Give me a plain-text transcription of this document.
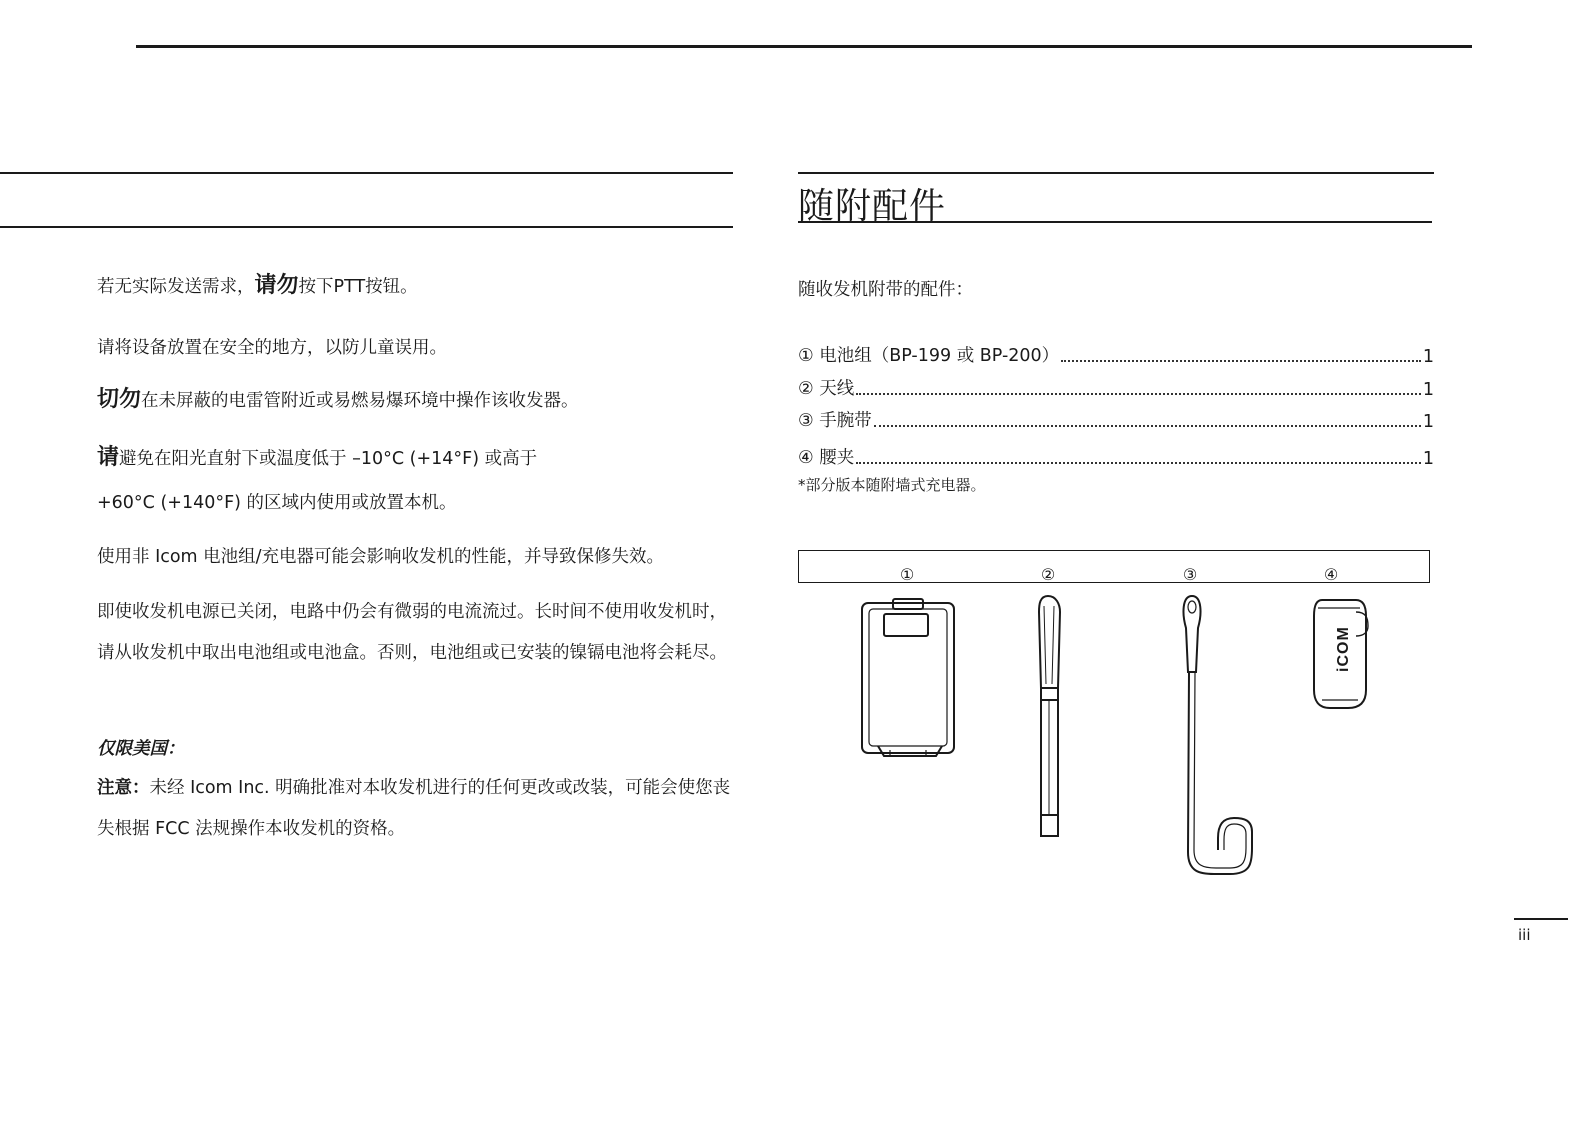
若无实际发送需求，请勿按下PTT按钮。
请将设备放置在安全的地方，以防儿童误用。
切勿在未屏蔽的电雷管附近或易燃易爆环境中操作该收发器。
请避免在阳光直射下或温度低于 –10°C (+14°F) 或高于
+60°C (+140°F) 的区域内使用或放置本机。
使用非 Icom 电池组/充电器可能会影响收发机的性能，并导致保修失效。
即使收发机电源已关闭，电路中仍会有微弱的电流流过。长时间不使用收发机时，请从收发机中取出电池组或电池盒。否则，电池组或已安装的镍镉电池将会耗尽。
仅限美国：
注意：未经 Icom Inc. 明确批准对本收发机进行的任何更改或改装，可能会使您丧失根据 FCC 法规操作本收发机的资格。
随附配件
随收发机附带的配件：
① 电池组（BP-199 或 BP-200）	1
② 天线	1
③ 手腕带	1
④ 腰夹	1
*部分版本随附墙式充电器。
①	②	③	④
iCOM
iii
